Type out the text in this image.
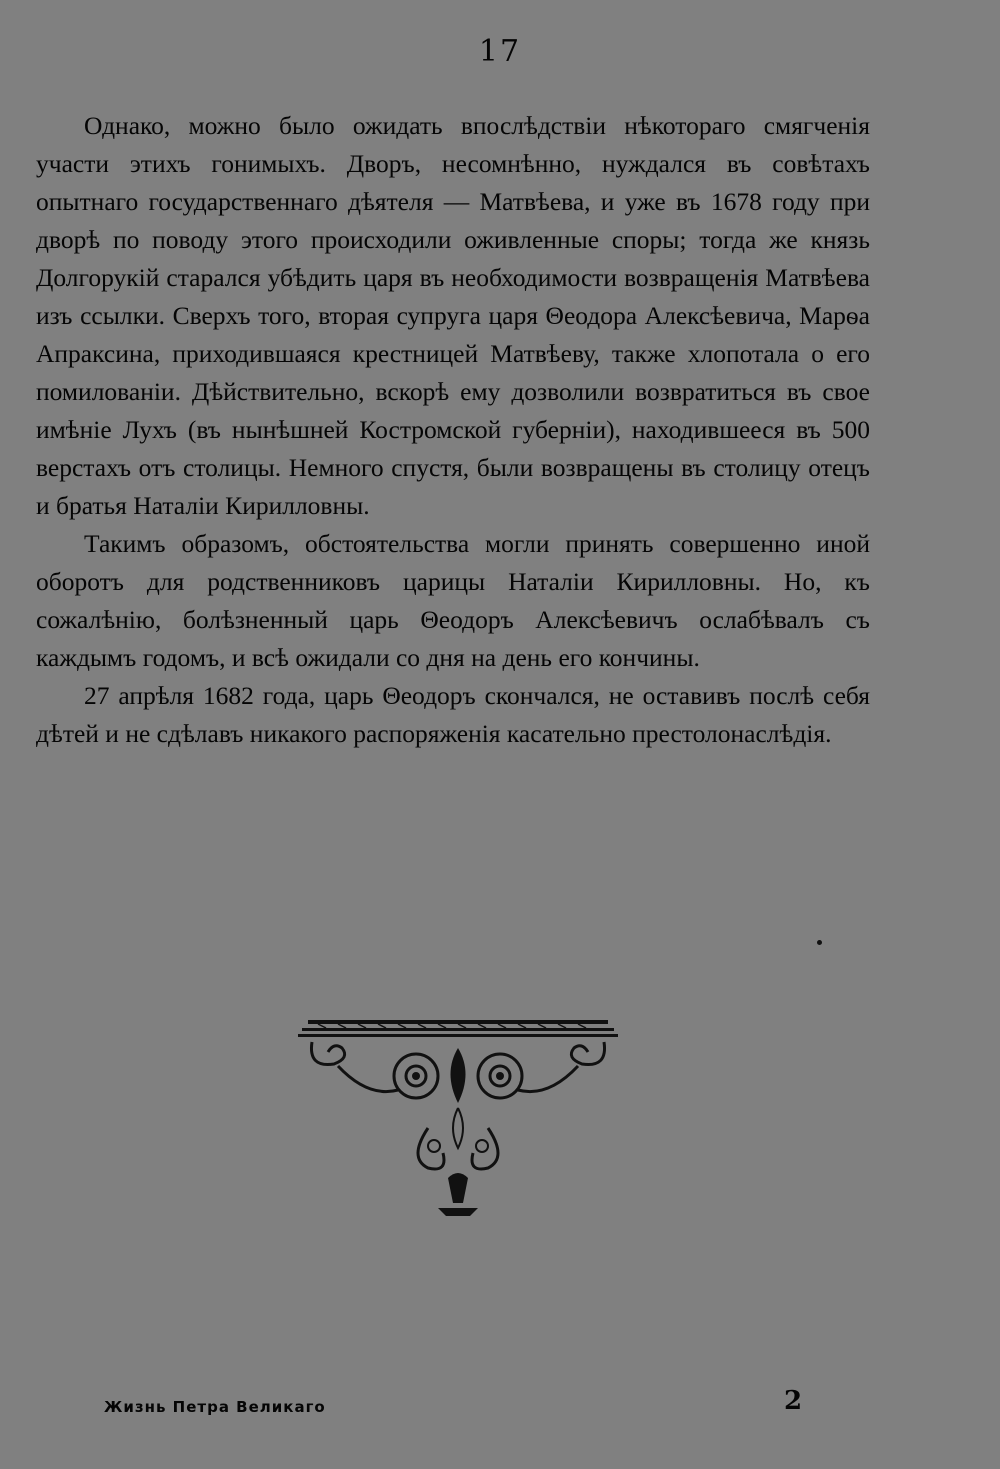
17

Однако, можно было ожидать впослѣдствіи нѣкотораго смягченія участи этихъ гонимыхъ. Дворъ, несомнѣнно, нуждался въ совѣтахъ опытнаго государственнаго дѣятеля — Матвѣева, и уже въ 1678 году при дворѣ по поводу этого происходили оживленные споры; тогда же князь Долгорукій старался убѣдить царя въ необходимости возвращенія Матвѣева изъ ссылки. Сверхъ того, вторая супруга царя Θеодора Алексѣевича, Марѳа Апраксина, приходившаяся крестницей Матвѣеву, также хлопотала о его помилованіи. Дѣйствительно, вскорѣ ему дозволили возвратиться въ свое имѣніе Лухъ (въ нынѣшней Костромской губерніи), находившееся въ 500 верстахъ отъ столицы. Немного спустя, были возвращены въ столицу отецъ и братья Наталіи Кирилловны.

Такимъ образомъ, обстоятельства могли принять совершенно иной оборотъ для родственниковъ царицы Наталіи Кирилловны. Но, къ сожалѣнію, болѣзненный царь Θеодоръ Алексѣевичъ ослабѣвалъ съ каждымъ годомъ, и всѣ ожидали со дня на день его кончины.

27 апрѣля 1682 года, царь Θеодоръ скончался, не оставивъ послѣ себя дѣтей и не сдѣлавъ никакого распоряженія касательно престолонаслѣдія.

Жизнь Петра Великаго	2
